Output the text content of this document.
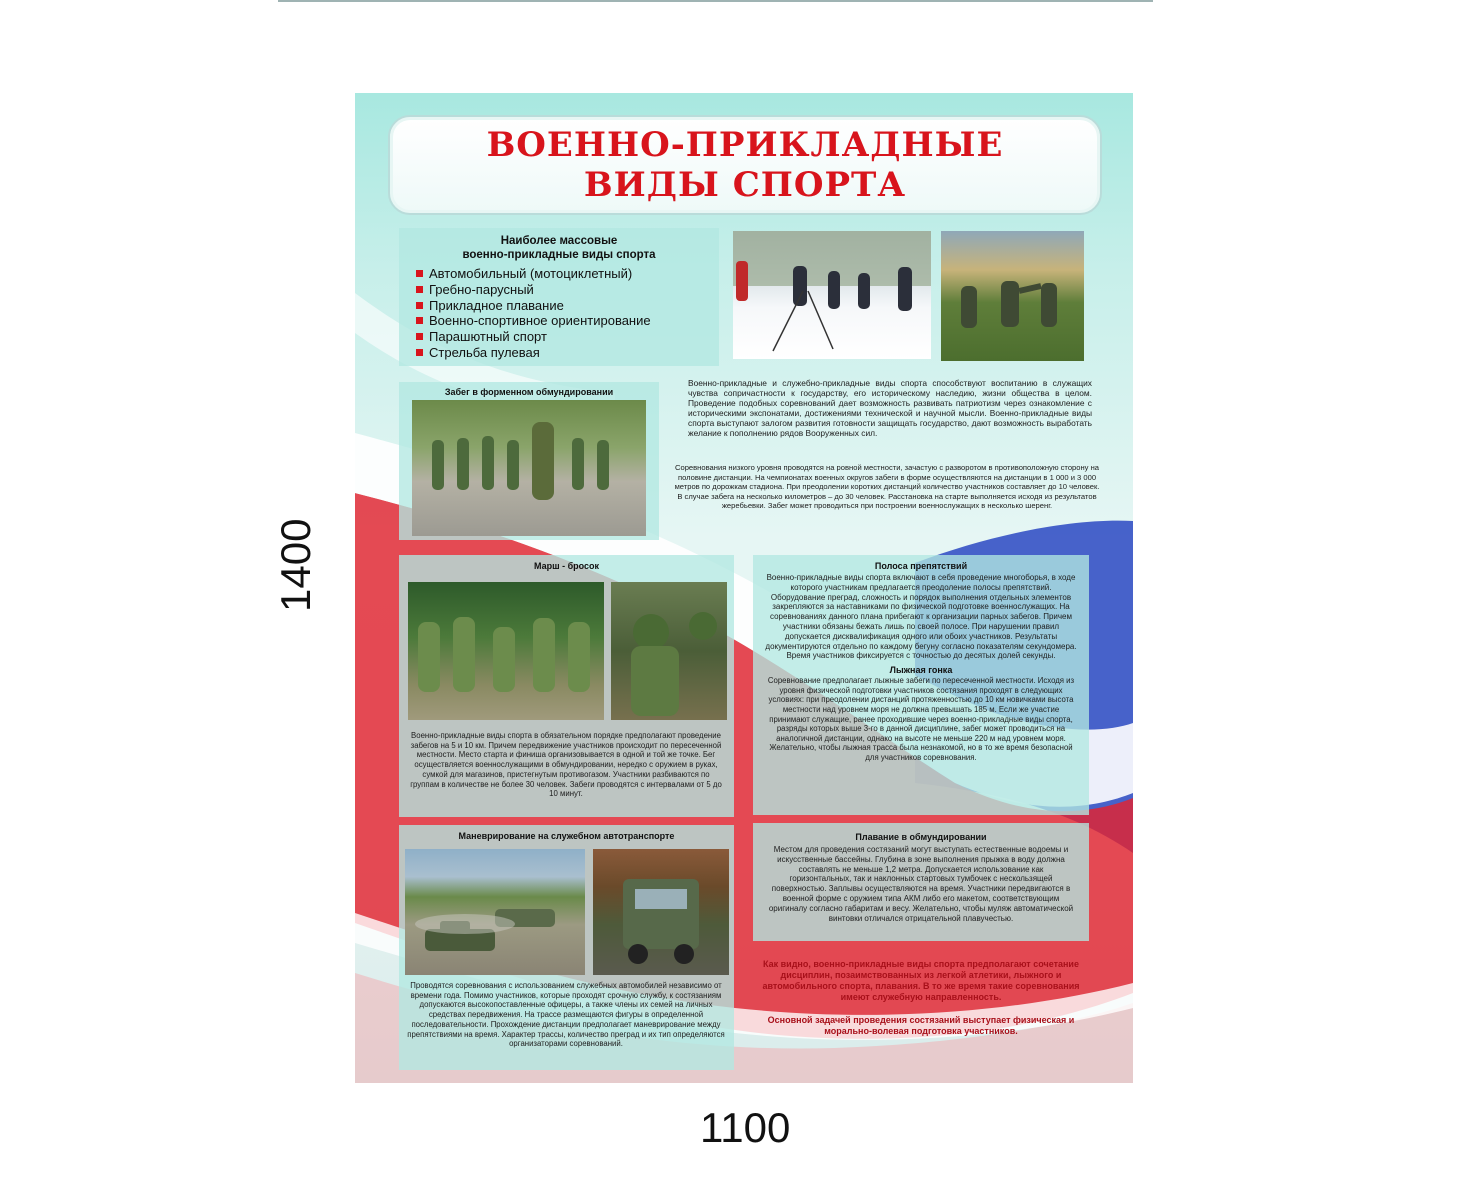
ВОЕННО-ПРИКЛАДНЫЕ
ВИДЫ СПОРТА
Наиболее массовые
военно-прикладные виды спорта
Автомобильный (мотоциклетный)
Гребно-парусный
Прикладное плавание
Военно-спортивное ориентирование
Парашютный спорт
Стрельба пулевая
Забег в форменном обмундировании
Военно-прикладные и служебно-прикладные виды спорта способствуют воспитанию в служащих чувства сопричастности к государству, его историческому наследию, жизни общества в целом. Проведение подобных соревнований дает возможность развивать патриотизм через ознакомление с историческими экспонатами, достижениями технической и научной мысли. Военно-прикладные виды спорта выступают залогом развития готовности защищать государство, дают возможность выработать желание к пополнению рядов Вооруженных сил.
Соревнования низкого уровня проводятся на ровной местности, зачастую с разворотом в противоположную сторону на половине дистанции. На чемпионатах военных округов забеги в форме осуществляются на дистанции в 1 000 и 3 000 метров по дорожкам стадиона. При преодолении коротких дистанций количество участников составляет до 10 человек. В случае забега на несколько километров – до 30 человек. Расстановка на старте выполняется исходя из результатов жеребьевки. Забег может проводиться при построении военнослужащих в несколько шеренг.
Марш - бросок
Военно-прикладные виды спорта в обязательном порядке предполагают проведение забегов на 5 и 10 км. Причем передвижение участников происходит по пересеченной местности. Место старта и финиша организовывается в одной и той же точке. Бег осуществляется военнослужащими в обмундировании, нередко с оружием в руках, сумкой для магазинов, пристегнутым противогазом. Участники разбиваются по группам в количестве не более 30 человек. Забеги проводятся с интервалами от 5 до 10 минут.
Полоса препятствий
Военно-прикладные виды спорта включают в себя проведение многоборья, в ходе которого участникам предлагается преодоление полосы препятствий. Оборудование преград, сложность и порядок выполнения отдельных элементов закрепляются за наставниками по физической подготовке военнослужащих. На соревнованиях данного плана прибегают к организации парных забегов. Причем участники обязаны бежать лишь по своей полосе. При нарушении правил допускается дисквалификация одного или обоих участников. Результаты документируются отдельно по каждому бегуну согласно показателям секундомера. Время участников фиксируется с точностью до десятых долей секунды.
Лыжная гонка
Соревнование предполагает лыжные забеги по пересеченной местности. Исходя из уровня физической подготовки участников состязания проходят в следующих условиях: при преодолении дистанций протяженностью до 10 км новичками высота местности над уровнем моря не должна превышать 185 м. Если же участие принимают служащие, ранее проходившие через военно-прикладные виды спорта, разряды которых выше 3-го в данной дисциплине, забег может проводиться на аналогичной дистанции, однако на высоте не меньше 220 м над уровнем моря. Желательно, чтобы лыжная трасса была незнакомой, но в то же время безопасной для участников соревнования.
Маневрирование на служебном автотранспорте
Проводятся соревнования с использованием служебных автомобилей независимо от времени года. Помимо участников, которые проходят срочную службу, к состязаниям допускаются высокопоставленные офицеры, а также члены их семей на личных средствах передвижения. На трассе размещаются фигуры в определенной последовательности. Прохождение дистанции предполагает маневрирование между препятствиями на время. Характер трассы, количество преград и их тип определяются организаторами соревнований.
Плавание в обмундировании
Местом для проведения состязаний могут выступать естественные водоемы и искусственные бассейны. Глубина в зоне выполнения прыжка в воду должна составлять не меньше 1,2 метра. Допускается использование как горизонтальных, так и наклонных стартовых тумбочек с нескользящей поверхностью. Заплывы осуществляются на время. Участники передвигаются в военной форме с оружием типа АКМ либо его макетом, соответствующим оригиналу согласно габаритам и весу. Желательно, чтобы муляж автоматической винтовки отличался отрицательной плавучестью.
Как видно, военно-прикладные виды спорта предполагают сочетание дисциплин, позаимствованных из легкой атлетики, лыжного и автомобильного спорта, плавания. В то же время такие соревнования имеют служебную направленность.
Основной задачей проведения состязаний выступает физическая и морально-волевая подготовка участников.
1100
1400
